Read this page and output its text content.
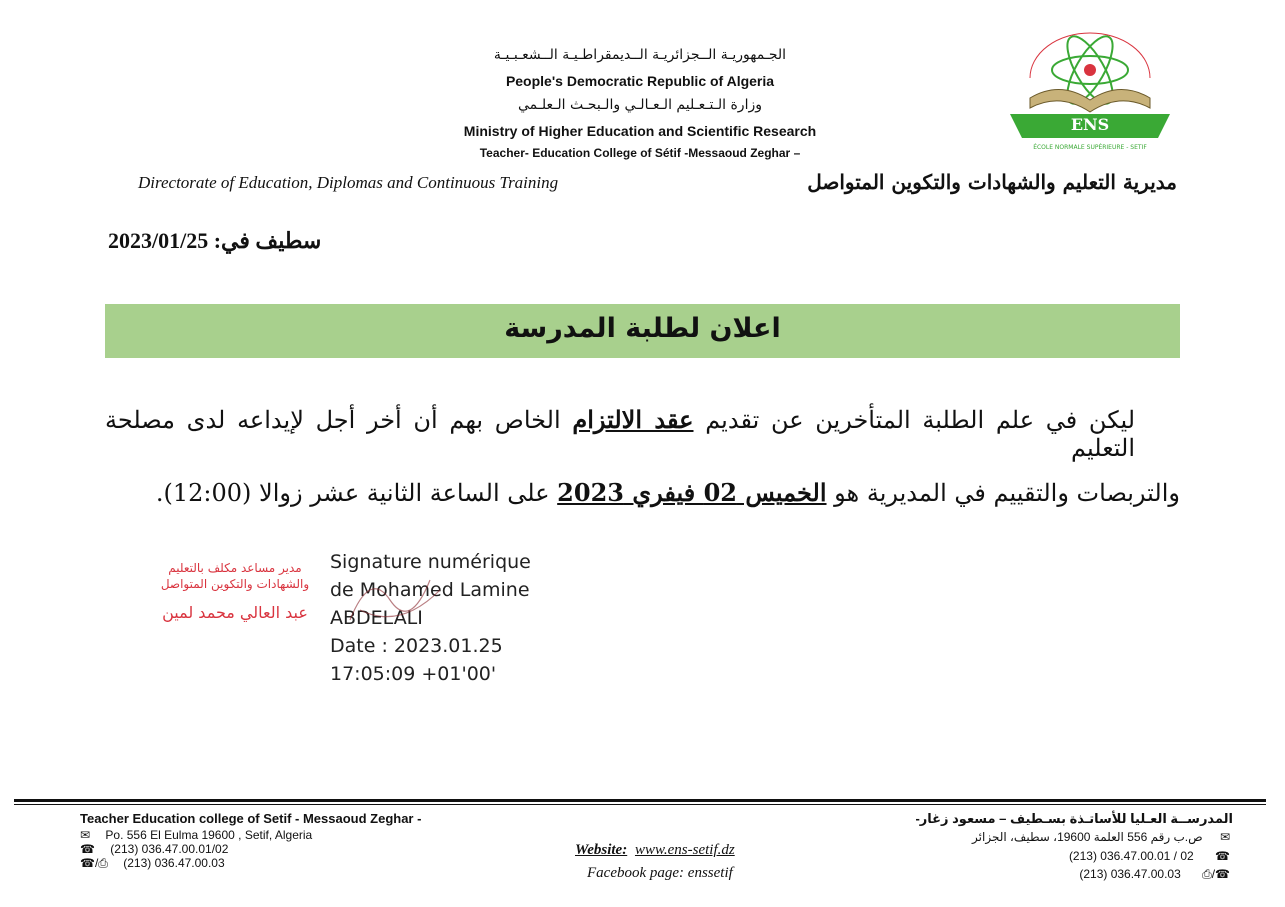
الجـمهوريـة الــجزائريـة الــديمقراطـيـة الــشعـبـيـة
People's Democratic Republic of Algeria
وزارة الـتـعـليم الـعـالـي والـبحـث الـعلـمي
Ministry of Higher Education and Scientific Research
Teacher- Education College of Sétif -Messaoud Zeghar –
ENS
ÉCOLE NORMALE SUPÉRIEURE - SETIF
Directorate of Education, Diplomas and Continuous Training	مديرية التعليم والشهادات والتكوين المتواصل
سطيف في: 2023/01/25
اعلان لطلبة المدرسة
ليكن في علم الطلبة المتأخرين عن تقديم عقد الالتزام الخاص بهم أن أخر أجل لإيداعه لدى مصلحة التعليم
والتربصات والتقييم في المديرية هو الخميس 02 فيفري 2023 على الساعة الثانية عشر زوالا (12:00).
مدير مساعد مكلف بالتعليم
والشهادات والتكوين المتواصل
عبد العالي محمد لمين
Signature numérique
de Mohamed Lamine
ABDELALI
Date : 2023.01.25
17:05:09 +01'00'
Teacher Education college of Setif - Messaoud Zeghar -
✉ Po. 556 El Eulma 19600 , Setif, Algeria
☎ (213) 036.47.00.01/02
☎/⎙ (213) 036.47.00.03
Website: www.ens-setif.dz
Facebook page: enssetif
المدرســة العـليا للأساتـذة بسـطيف – مسعود زغار-
✉ ص.ب رقم 556 العلمة 19600، سطيف، الجزائر
(213) 036.47.00.01 / 02 ☎
(213) 036.47.00.03 ⎙/☎
